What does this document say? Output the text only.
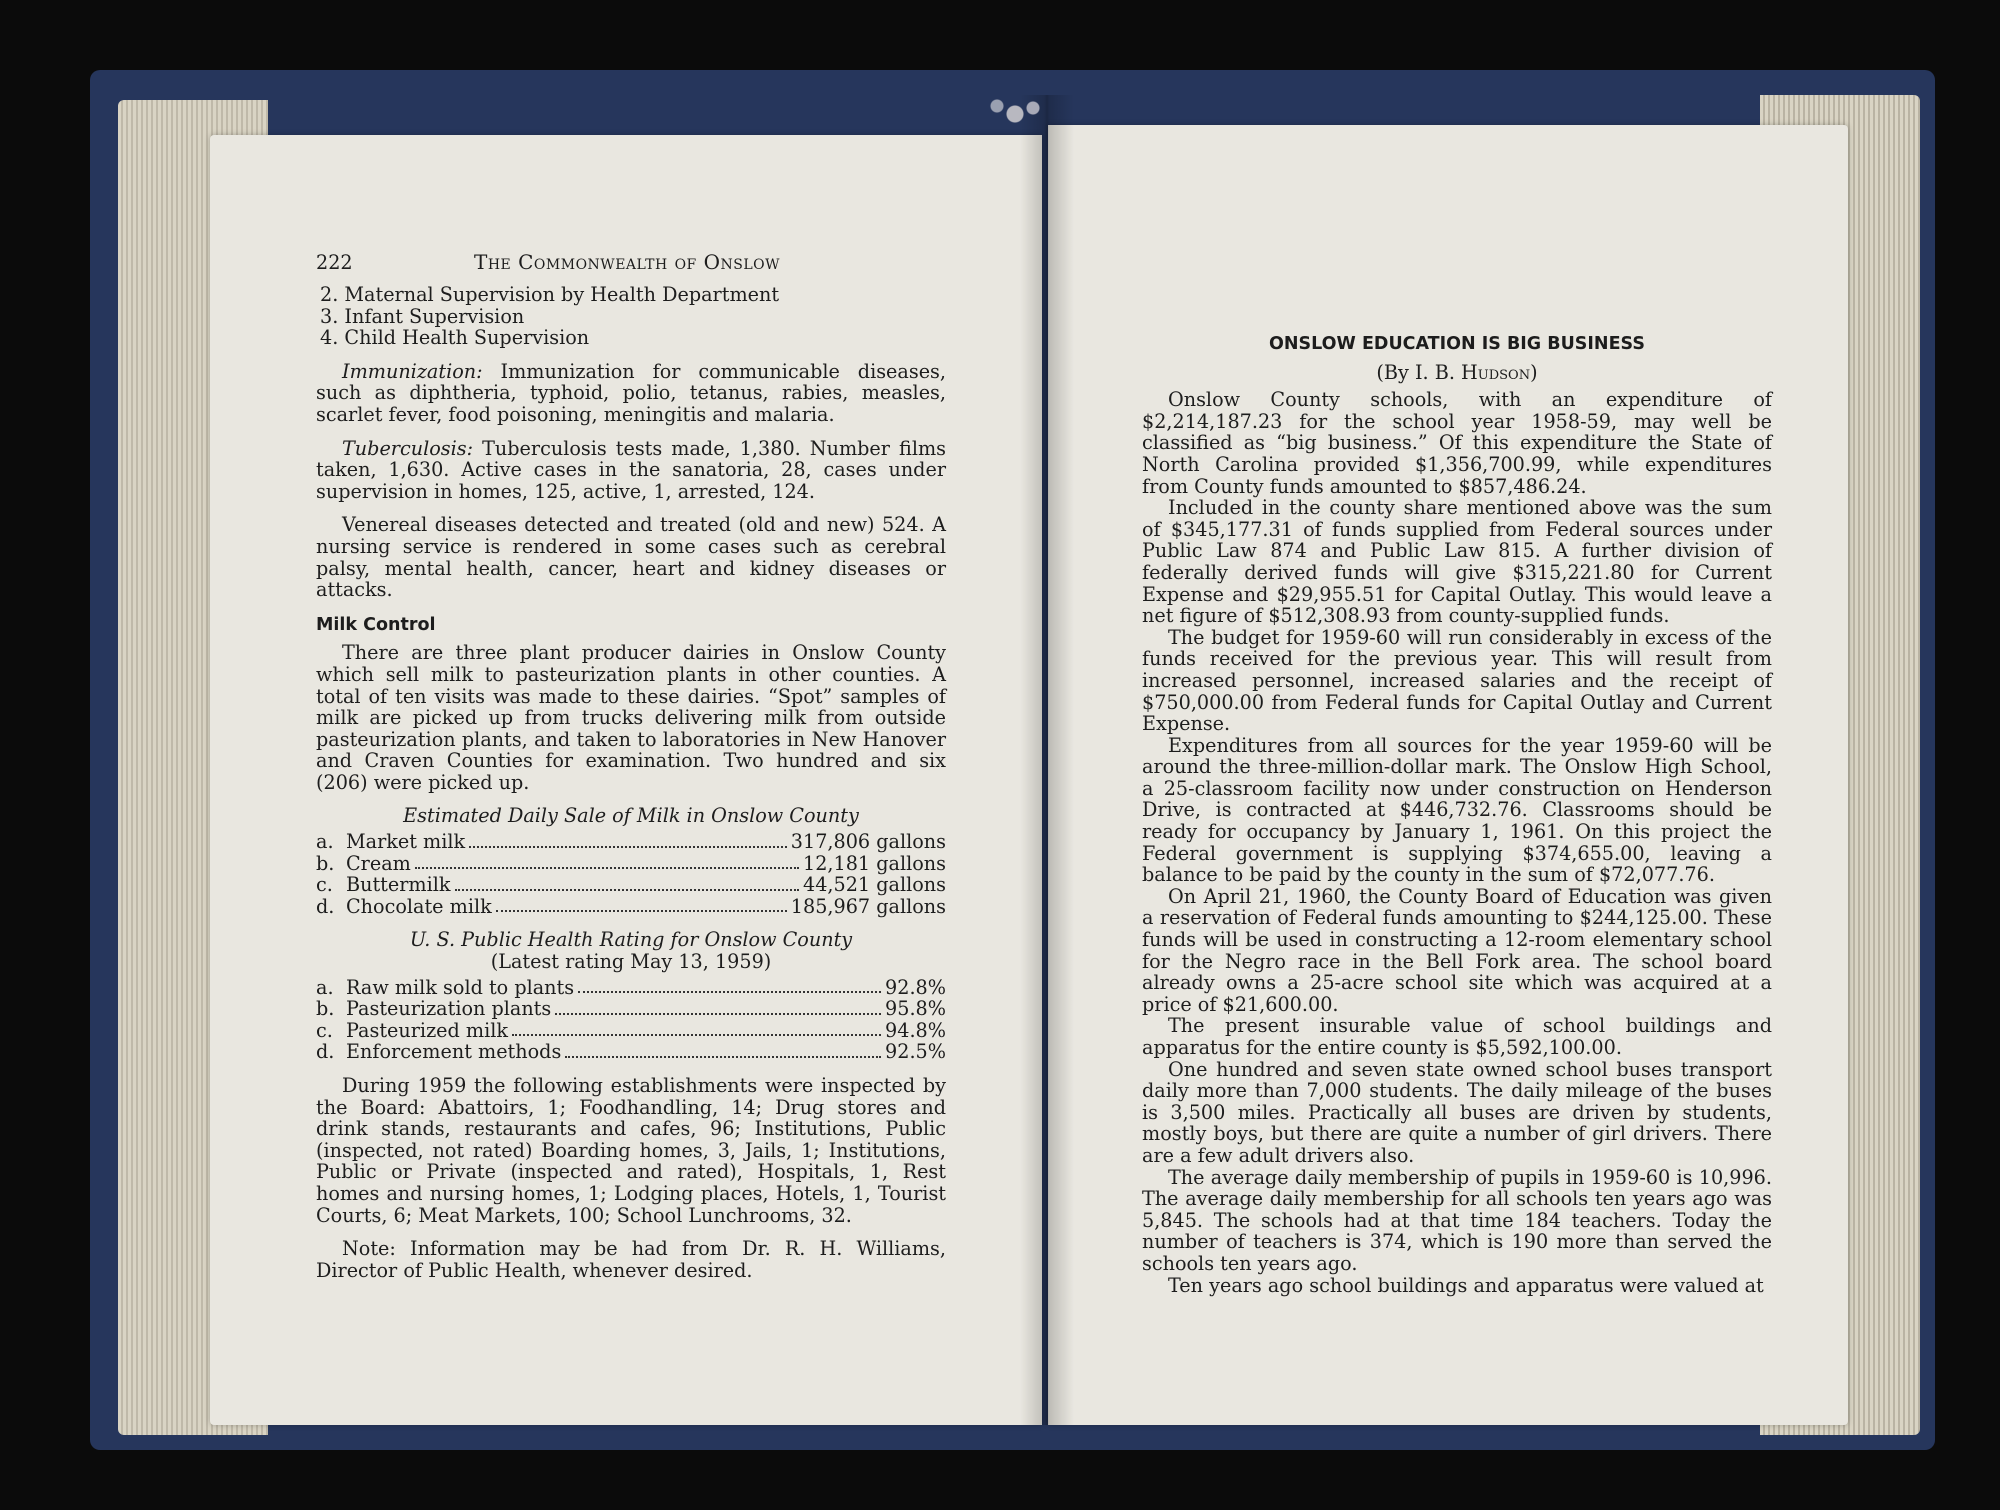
222	The Commonwealth of Onslow
2. Maternal Supervision by Health Department
3. Infant Supervision
4. Child Health Supervision

Immunization: Immunization for communicable diseases, such as diphtheria, typhoid, polio, tetanus, rabies, measles, scarlet fever, food poisoning, meningitis and malaria.

Tuberculosis: Tuberculosis tests made, 1,380. Number films taken, 1,630. Active cases in the sanatoria, 28, cases under supervision in homes, 125, active, 1, arrested, 124.

Venereal diseases detected and treated (old and new) 524. A nursing service is rendered in some cases such as cerebral palsy, mental health, cancer, heart and kidney diseases or attacks.

Milk Control

There are three plant producer dairies in Onslow County which sell milk to pasteurization plants in other counties. A total of ten visits was made to these dairies. “Spot” samples of milk are picked up from trucks delivering milk from outside pasteurization plants, and taken to laboratories in New Hanover and Craven Counties for examination. Two hundred and six (206) were picked up.

Estimated Daily Sale of Milk in Onslow County

a.	Market milk 317,806 gallons

b.	Cream 12,181 gallons

c.	Buttermilk 44,521 gallons

d.	Chocolate milk 185,967 gallons

U. S. Public Health Rating for Onslow County

(Latest rating May 13, 1959)

a.	Raw milk sold to plants 92.8%

b.	Pasteurization plants 95.8%

c.	Pasteurized milk 94.8%

d.	Enforcement methods 92.5%

During 1959 the following establishments were inspected by the Board: Abattoirs, 1; Foodhandling, 14; Drug stores and drink stands, restaurants and cafes, 96; Institutions, Public (inspected, not rated) Boarding homes, 3, Jails, 1; Institutions, Public or Private (inspected and rated), Hospitals, 1, Rest homes and nursing homes, 1; Lodging places, Hotels, 1, Tourist Courts, 6; Meat Markets, 100; School Lunchrooms, 32.

Note: Information may be had from Dr. R. H. Williams, Director of Public Health, whenever desired.

ONSLOW EDUCATION IS BIG BUSINESS
(By I. B. Hudson)

Onslow County schools, with an expenditure of $2,214,187.23 for the school year 1958-59, may well be classified as “big business.” Of this expenditure the State of North Carolina provided $1,356,700.99, while expenditures from County funds amounted to $857,486.24.

Included in the county share mentioned above was the sum of $345,177.31 of funds supplied from Federal sources under Public Law 874 and Public Law 815. A further division of federally derived funds will give $315,221.80 for Current Expense and $29,955.51 for Capital Outlay. This would leave a net figure of $512,308.93 from county-supplied funds.

The budget for 1959-60 will run considerably in excess of the funds received for the previous year. This will result from increased personnel, increased salaries and the receipt of $750,000.00 from Federal funds for Capital Outlay and Current Expense.

Expenditures from all sources for the year 1959-60 will be around the three-million-dollar mark. The Onslow High School, a 25-classroom facility now under construction on Henderson Drive, is contracted at $446,732.76. Classrooms should be ready for occupancy by January 1, 1961. On this project the Federal government is supplying $374,655.00, leaving a balance to be paid by the county in the sum of $72,077.76.

On April 21, 1960, the County Board of Education was given a reservation of Federal funds amounting to $244,125.00. These funds will be used in constructing a 12-room elementary school for the Negro race in the Bell Fork area. The school board already owns a 25-acre school site which was acquired at a price of $21,600.00.

The present insurable value of school buildings and apparatus for the entire county is $5,592,100.00.

One hundred and seven state owned school buses transport daily more than 7,000 students. The daily mileage of the buses is 3,500 miles. Practically all buses are driven by students, mostly boys, but there are quite a number of girl drivers. There are a few adult drivers also.

The average daily membership of pupils in 1959-60 is 10,996. The average daily membership for all schools ten years ago was 5,845. The schools had at that time 184 teachers. Today the number of teachers is 374, which is 190 more than served the schools ten years ago.

Ten years ago school buildings and apparatus were valued at
